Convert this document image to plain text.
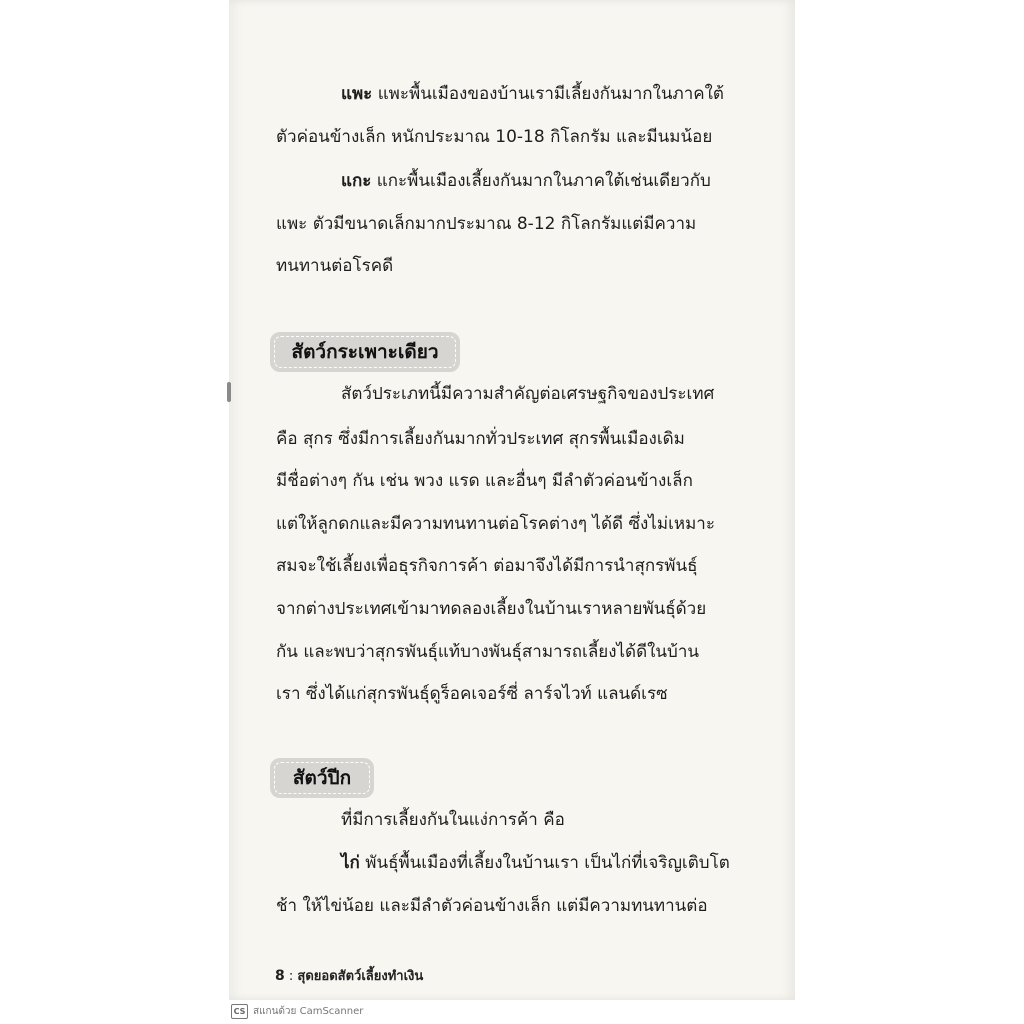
แพะ แพะพื้นเมืองของบ้านเรามีเลี้ยงกันมากในภาคใต้

ตัวค่อนข้างเล็ก หนักประมาณ 10-18 กิโลกรัม และมีนมน้อย

แกะ แกะพื้นเมืองเลี้ยงกันมากในภาคใต้เช่นเดียวกับ

แพะ ตัวมีขนาดเล็กมากประมาณ 8-12 กิโลกรัมแต่มีความ

ทนทานต่อโรคดี

สัตว์กระเพาะเดียว

สัตว์ประเภทนี้มีความสำคัญต่อเศรษฐกิจของประเทศ

คือ สุกร ซึ่งมีการเลี้ยงกันมากทั่วประเทศ สุกรพื้นเมืองเดิม

มีชื่อต่างๆ กัน เช่น พวง แรด และอื่นๆ มีลำตัวค่อนข้างเล็ก

แต่ให้ลูกดกและมีความทนทานต่อโรคต่างๆ ได้ดี ซึ่งไม่เหมาะ

สมจะใช้เลี้ยงเพื่อธุรกิจการค้า ต่อมาจึงได้มีการนำสุกรพันธุ์

จากต่างประเทศเข้ามาทดลองเลี้ยงในบ้านเราหลายพันธุ์ด้วย

กัน และพบว่าสุกรพันธุ์แท้บางพันธุ์สามารถเลี้ยงได้ดีในบ้าน

เรา ซึ่งได้แก่สุกรพันธุ์ดูร็อคเจอร์ซี่ ลาร์จไวท์ แลนด์เรซ

สัตว์ปีก

ที่มีการเลี้ยงกันในแง่การค้า คือ

ไก่ พันธุ์พื้นเมืองที่เลี้ยงในบ้านเรา เป็นไก่ที่เจริญเติบโต

ช้า ให้ไข่น้อย และมีลำตัวค่อนข้างเล็ก แต่มีความทนทานต่อ

8 : สุดยอดสัตว์เลี้ยงทำเงิน
CS สแกนด้วย CamScanner
